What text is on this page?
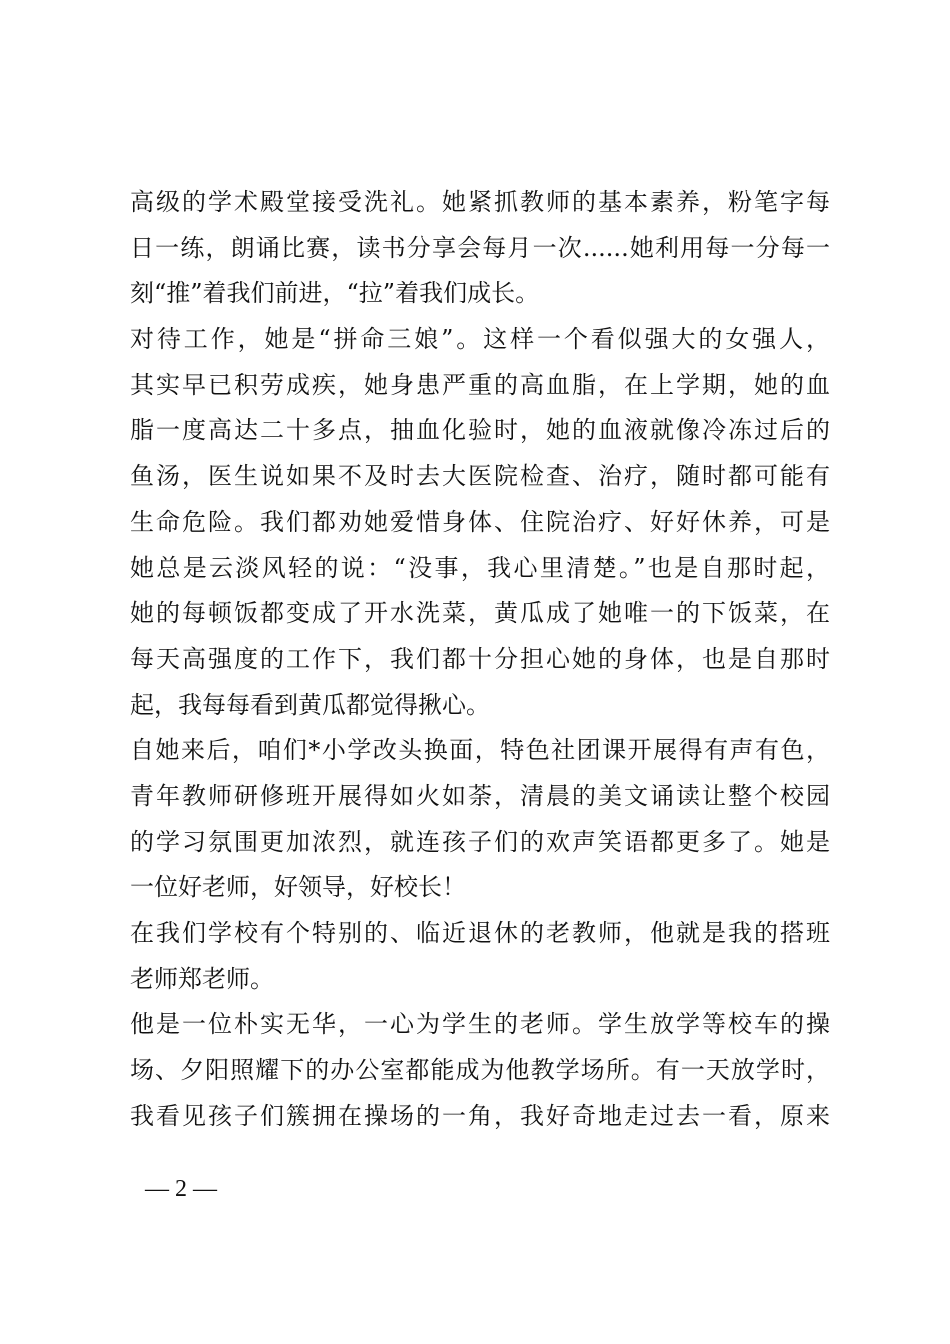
高级的学术殿堂接受洗礼。她紧抓教师的基本素养，粉笔字每
日一练，朗诵比赛，读书分享会每月一次......她利用每一分每一
刻“推”着我们前进，“拉”着我们成长。
对待工作，她是“拼命三娘”。这样一个看似强大的女强人，
其实早已积劳成疾，她身患严重的高血脂，在上学期，她的血
脂一度高达二十多点，抽血化验时，她的血液就像冷冻过后的
鱼汤，医生说如果不及时去大医院检查、治疗，随时都可能有
生命危险。我们都劝她爱惜身体、住院治疗、好好休养，可是
她总是云淡风轻的说：“没事，我心里清楚。”也是自那时起，
她的每顿饭都变成了开水洗菜，黄瓜成了她唯一的下饭菜，在
每天高强度的工作下，我们都十分担心她的身体，也是自那时
起，我每每看到黄瓜都觉得揪心。
自她来后，咱们*小学改头换面，特色社团课开展得有声有色，
青年教师研修班开展得如火如荼，清晨的美文诵读让整个校园
的学习氛围更加浓烈，就连孩子们的欢声笑语都更多了。她是
一位好老师，好领导，好校长！
在我们学校有个特别的、临近退休的老教师，他就是我的搭班
老师郑老师。
他是一位朴实无华，一心为学生的老师。学生放学等校车的操
场、夕阳照耀下的办公室都能成为他教学场所。有一天放学时，
我看见孩子们簇拥在操场的一角，我好奇地走过去一看，原来
— 2 —
